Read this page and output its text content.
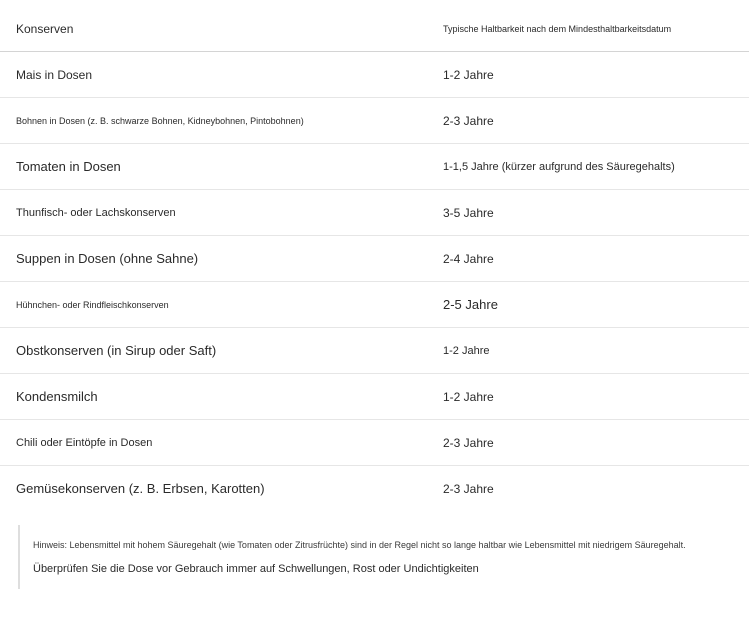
Konserven	Typische Haltbarkeit nach dem Mindesthaltbarkeitsdatum
Mais in Dosen	1-2 Jahre
Bohnen in Dosen (z. B. schwarze Bohnen, Kidneybohnen, Pintobohnen)	2-3 Jahre
Tomaten in Dosen	1-1,5 Jahre (kürzer aufgrund des Säuregehalts)
Thunfisch- oder Lachskonserven	3-5 Jahre
Suppen in Dosen (ohne Sahne)	2-4 Jahre
Hühnchen- oder Rindfleischkonserven	2-5 Jahre
Obstkonserven (in Sirup oder Saft)	1-2 Jahre
Kondensmilch	1-2 Jahre
Chili oder Eintöpfe in Dosen	2-3 Jahre
Gemüsekonserven (z. B. Erbsen, Karotten)	2-3 Jahre
Hinweis: Lebensmittel mit hohem Säuregehalt (wie Tomaten oder Zitrusfrüchte) sind in der Regel nicht so lange haltbar wie Lebensmittel mit niedrigem Säuregehalt.
Überprüfen Sie die Dose vor Gebrauch immer auf Schwellungen, Rost oder Undichtigkeiten
